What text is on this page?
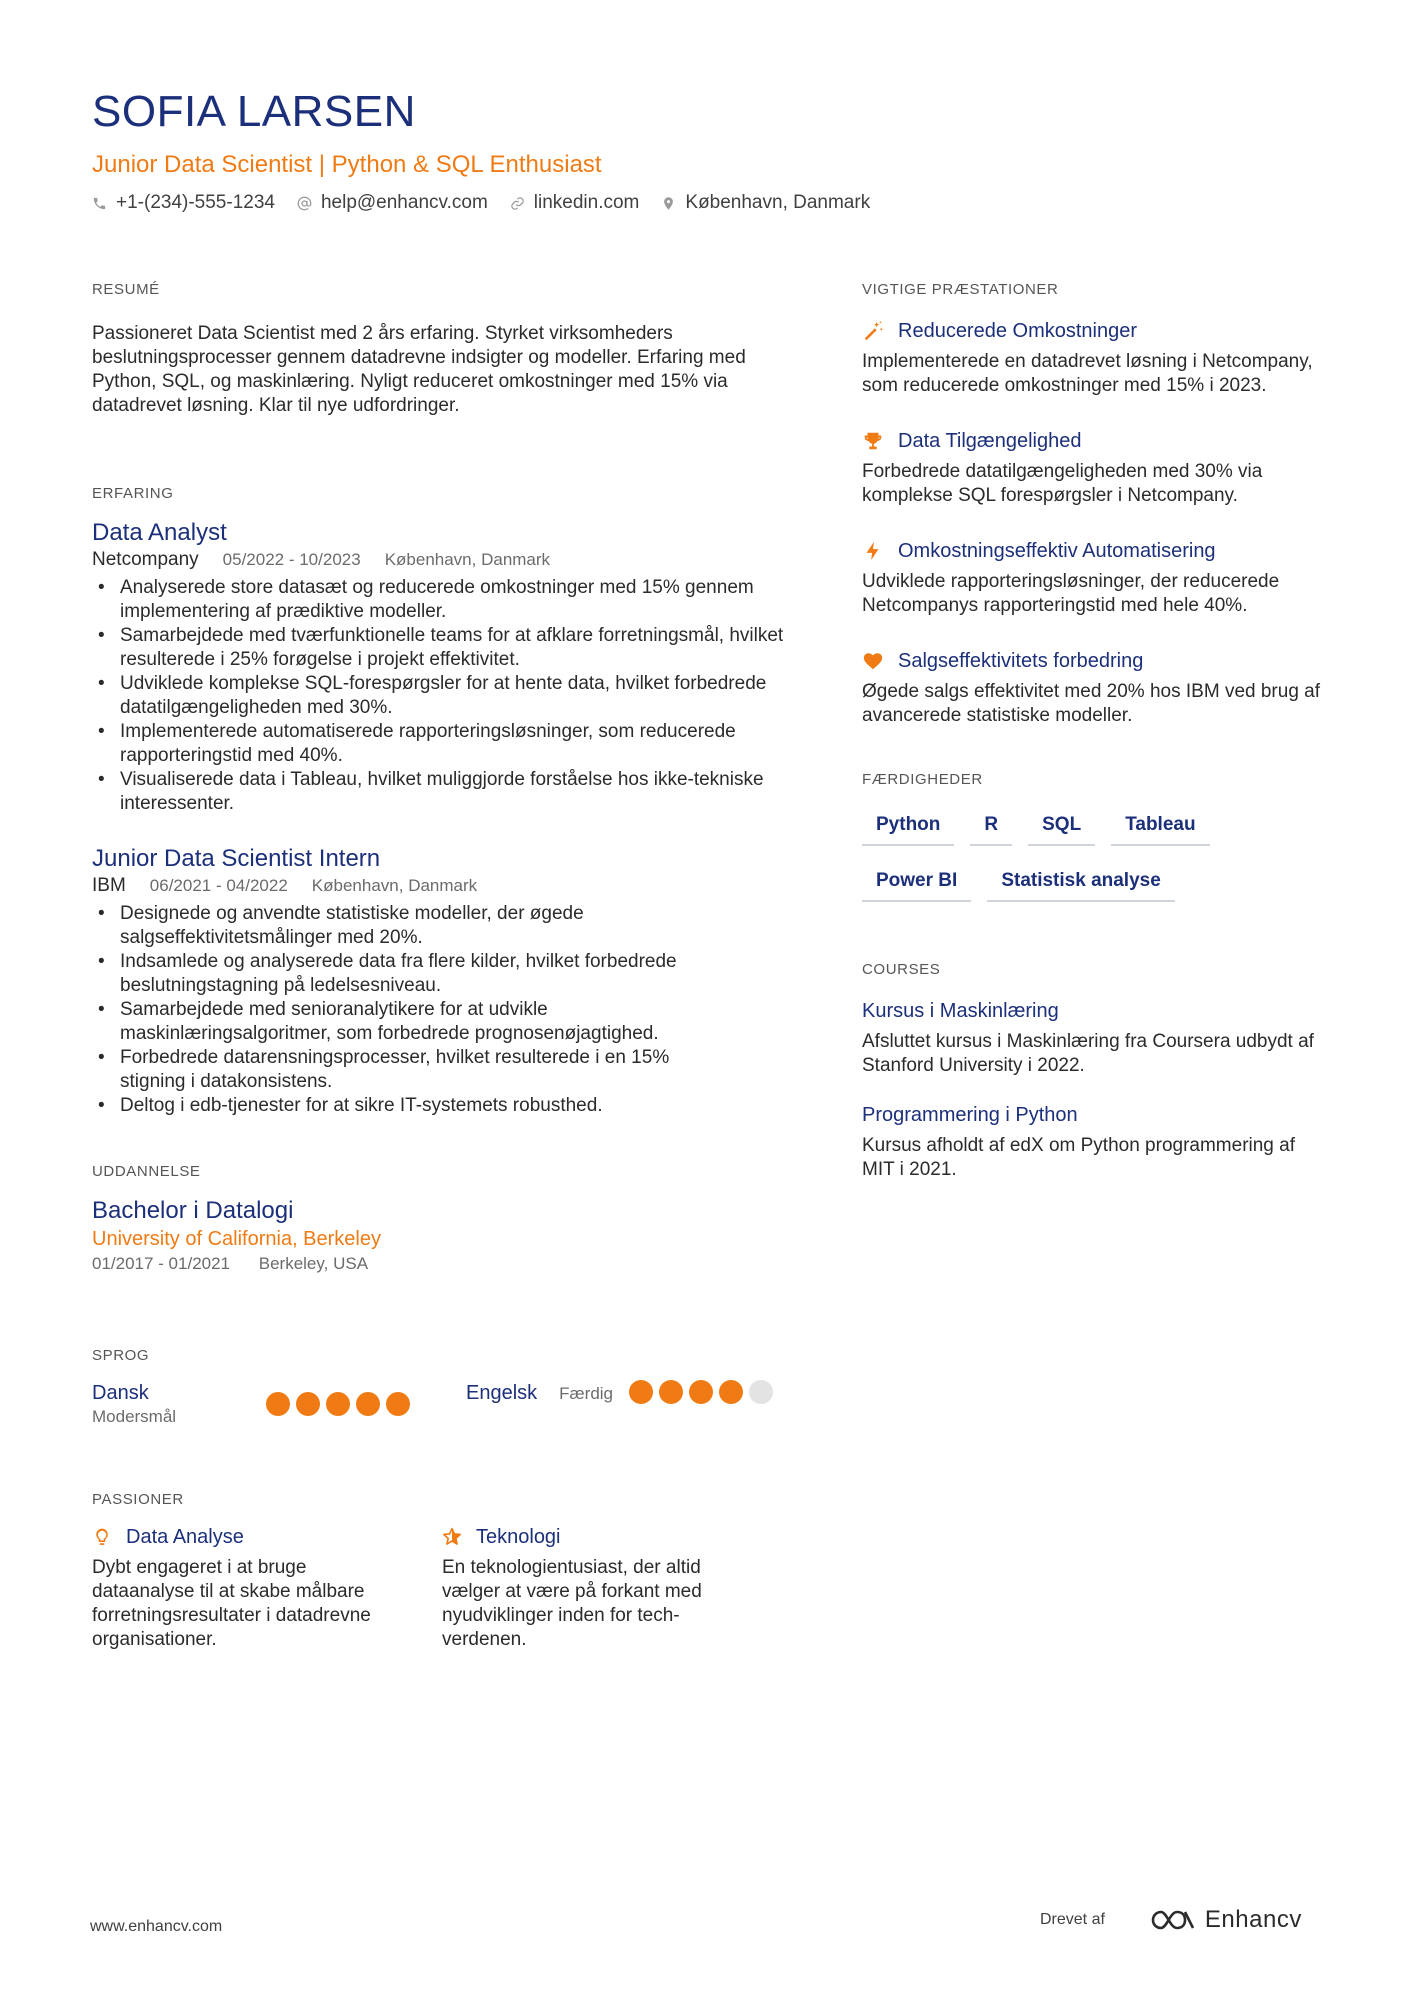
SOFIA LARSEN
Junior Data Scientist | Python & SQL Enthusiast
+1-(234)-555-1234 help@enhancv.com linkedin.com København, Danmark
RESUMÉ
Passioneret Data Scientist med 2 års erfaring. Styrket virksomheders beslutningsprocesser gennem datadrevne indsigter og modeller. Erfaring med Python, SQL, og maskinlæring. Nyligt reduceret omkostninger med 15% via datadrevet løsning. Klar til nye udfordringer.
ERFARING
Data Analyst
Netcompany 05/2022 - 10/2023 København, Danmark
• Analyserede store datasæt og reducerede omkostninger med 15% gennem implementering af prædiktive modeller.
• Samarbejdede med tværfunktionelle teams for at afklare forretningsmål, hvilket resulterede i 25% forøgelse i projekt effektivitet.
• Udviklede komplekse SQL-forespørgsler for at hente data, hvilket forbedrede datatilgængeligheden med 30%.
• Implementerede automatiserede rapporteringsløsninger, som reducerede rapporteringstid med 40%.
• Visualiserede data i Tableau, hvilket muliggjorde forståelse hos ikke-tekniske interessenter.
Junior Data Scientist Intern
IBM 06/2021 - 04/2022 København, Danmark
• Designede og anvendte statistiske modeller, der øgede salgseffektivitetsmålinger med 20%.
• Indsamlede og analyserede data fra flere kilder, hvilket forbedrede beslutningstagning på ledelsesniveau.
• Samarbejdede med senioranalytikere for at udvikle maskinlæringsalgoritmer, som forbedrede prognosenøjagtighed.
• Forbedrede datarensningsprocesser, hvilket resulterede i en 15% stigning i datakonsistens.
• Deltog i edb-tjenester for at sikre IT-systemets robusthed.
UDDANNELSE
Bachelor i Datalogi
University of California, Berkeley
01/2017 - 01/2021 Berkeley, USA
SPROG
Dansk
Modersmål
Engelsk Færdig
PASSIONER
Data Analyse
Dybt engageret i at bruge dataanalyse til at skabe målbare forretningsresultater i datadrevne organisationer.
Teknologi
En teknologientusiast, der altid vælger at være på forkant med nyudviklinger inden for tech-verdenen.
VIGTIGE PRÆSTATIONER
Reducerede Omkostninger
Implementerede en datadrevet løsning i Netcompany, som reducerede omkostninger med 15% i 2023.
Data Tilgængelighed
Forbedrede datatilgængeligheden med 30% via komplekse SQL forespørgsler i Netcompany.
Omkostningseffektiv Automatisering
Udviklede rapporteringsløsninger, der reducerede Netcompanys rapporteringstid med hele 40%.
Salgseffektivitets forbedring
Øgede salgs effektivitet med 20% hos IBM ved brug af avancerede statistiske modeller.
FÆRDIGHEDER
Python	R	SQL	Tableau
Power BI	Statistisk analyse
COURSES
Kursus i Maskinlæring
Afsluttet kursus i Maskinlæring fra Coursera udbydt af Stanford University i 2022.
Programmering i Python
Kursus afholdt af edX om Python programmering af MIT i 2021.
www.enhancv.com	Drevet af	Enhancv
